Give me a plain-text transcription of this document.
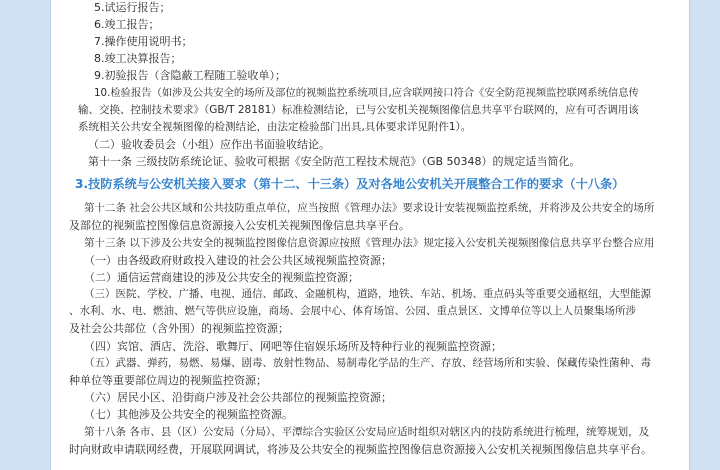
5.试运行报告；
6.竣工报告；
7.操作使用说明书；
8.竣工决算报告；
9.初验报告（含隐蔽工程随工验收单）；
10.检验报告（如涉及公共安全的场所及部位的视频监控系统项目,应含联网接口符合《安全防范视频监控联网系统信息传
输、交换、控制技术要求》（GB/T 28181）标准检测结论，已与公安机关视频图像信息共享平台联网的，应有可否调用该
系统相关公共安全视频图像的检测结论，由法定检验部门出具,具体要求详见附件1）。
（二）验收委员会（小组）应作出书面验收结论。
第十一条 三级技防系统论证、验收可根据《安全防范工程技术规范》（GB 50348）的规定适当简化。
3.技防系统与公安机关接入要求（第十二、十三条）及对各地公安机关开展整合工作的要求（十八条）
第十二条 社会公共区域和公共技防重点单位，应当按照《管理办法》要求设计安装视频监控系统，并将涉及公共安全的场所
及部位的视频监控图像信息资源接入公安机关视频图像信息共享平台。
第十三条 以下涉及公共安全的视频监控图像信息资源应按照《管理办法》规定接入公安机关视频图像信息共享平台整合应用
（一）由各级政府财政投入建设的社会公共区域视频监控资源；
（二）通信运营商建设的涉及公共安全的视频监控资源；
（三）医院、学校、广播、电视、通信、邮政、金融机构，道路，地铁、车站、机场、重点码头等重要交通枢纽，大型能源
、水利、水、电、燃油、燃气等供应设施，商场、会展中心、体育场馆、公园、重点景区、文博单位等以上人员聚集场所涉
及社会公共部位（含外围）的视频监控资源；
（四）宾馆、酒店、洗浴、歌舞厅、网吧等住宿娱乐场所及特种行业的视频监控资源；
（五）武器、弹药，易燃、易爆、剧毒、放射性物品、易制毒化学品的生产、存放、经营场所和实验、保藏传染性菌种、毒
种单位等重要部位周边的视频监控资源；
（六）居民小区、沿街商户涉及社会公共部位的视频监控资源；
（七）其他涉及公共安全的视频监控资源。
第十八条 各市、县（区）公安局（分局）、平潭综合实验区公安局应适时组织对辖区内的技防系统进行梳理，统筹规划，及
时向财政申请联网经费，开展联网调试，将涉及公共安全的视频监控图像信息资源接入公安机关视频图像信息共享平台。
